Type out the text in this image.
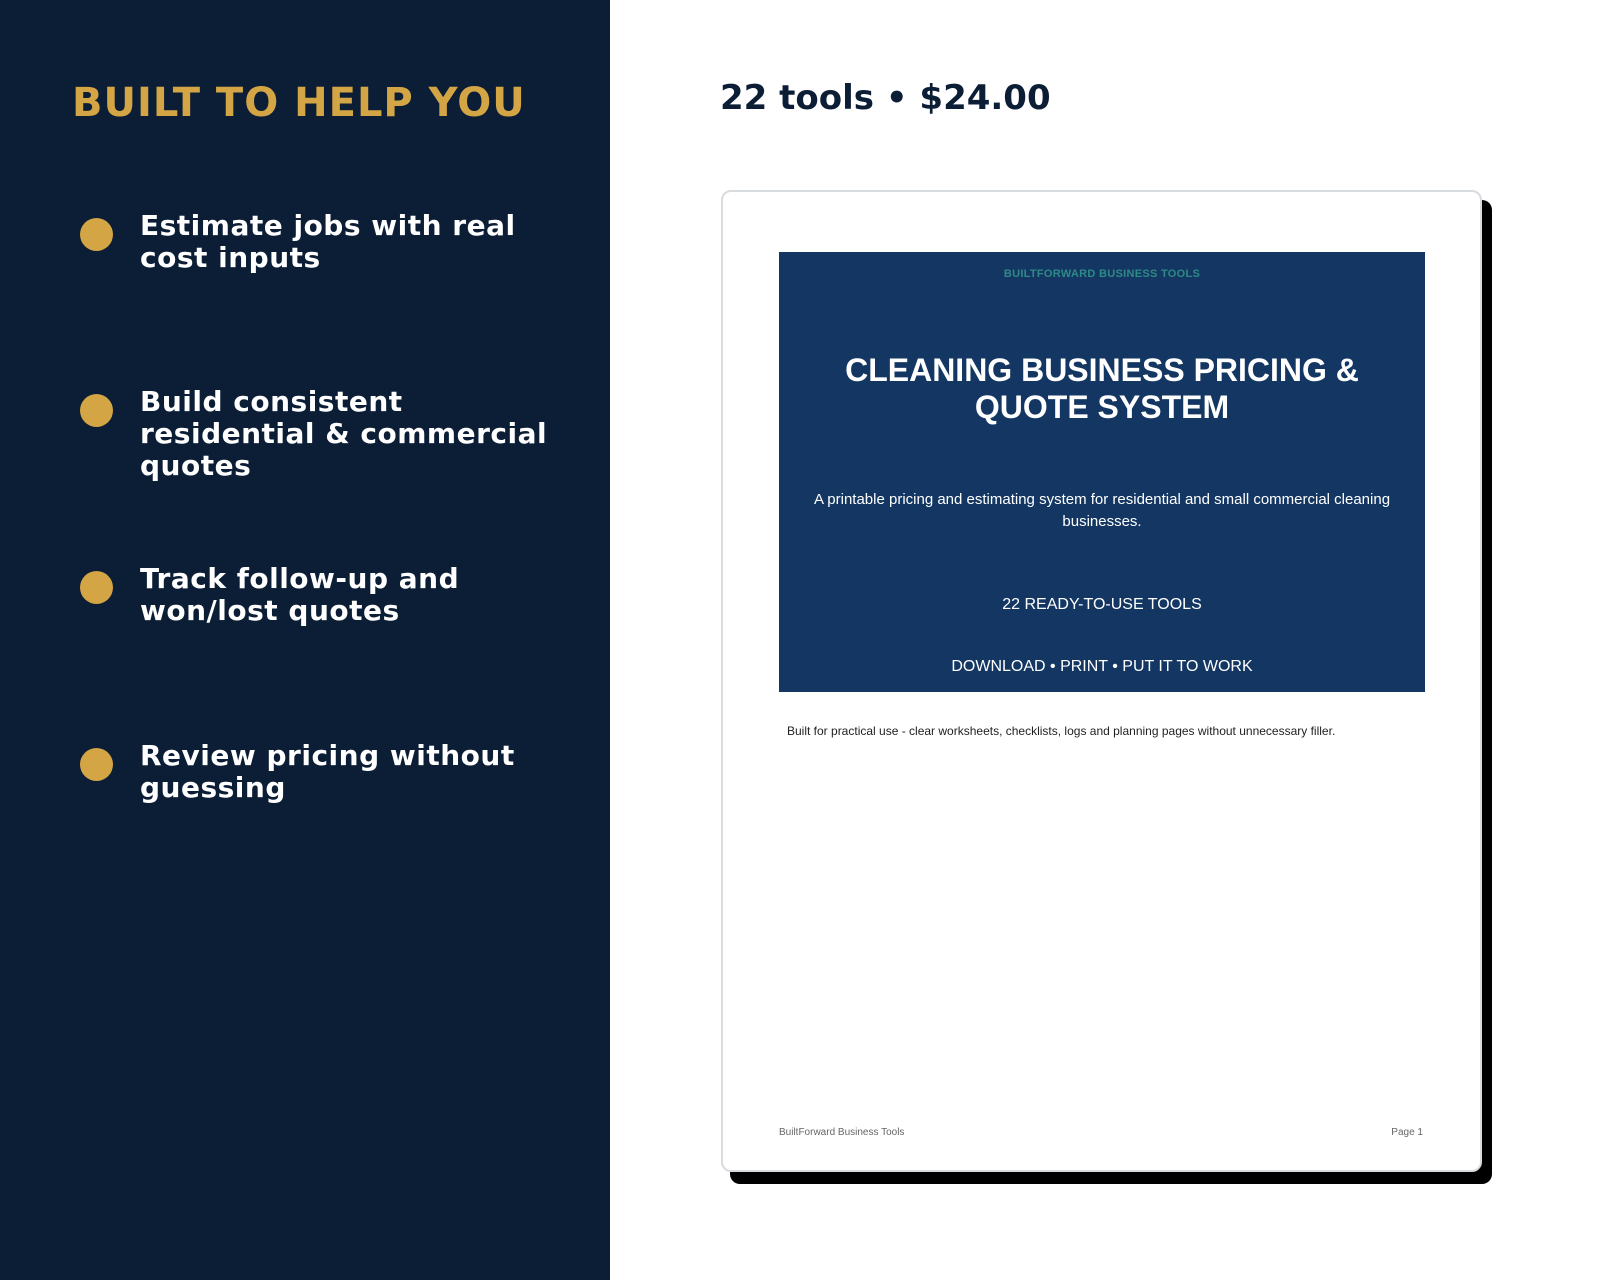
BUILT TO HELP YOU
Estimate jobs with real cost inputs
Build consistent residential & commercial quotes
Track follow-up and won/lost quotes
Review pricing without guessing
22 tools • $24.00
BUILTFORWARD BUSINESS TOOLS
CLEANING BUSINESS PRICING & QUOTE SYSTEM
A printable pricing and estimating system for residential and small commercial cleaning businesses.
22 READY-TO-USE TOOLS
DOWNLOAD • PRINT • PUT IT TO WORK
Built for practical use - clear worksheets, checklists, logs and planning pages without unnecessary filler.
BuiltForward Business Tools	Page 1
